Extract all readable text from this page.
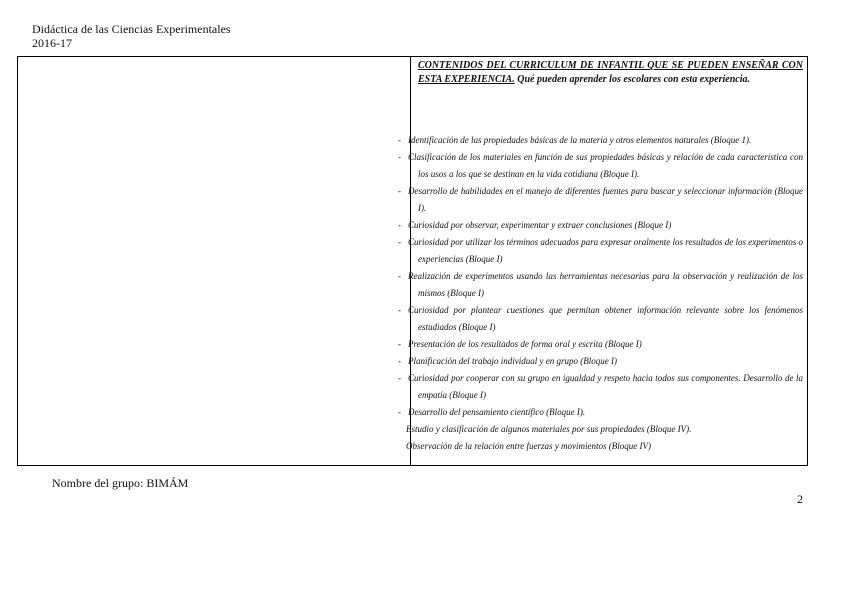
Didáctica de las Ciencias Experimentales
2016-17
CONTENIDOS DEL CURRICULUM DE INFANTIL QUE SE PUEDEN ENSEÑAR CON ESTA EXPERIENCIA. Qué pueden aprender los escolares con esta experiencia.
- Identificación de las propiedades básicas de la materia y otros elementos naturales (Bloque 1).
- Clasificación de los materiales en función de sus propiedades básicas y relación de cada característica con los usos a los que se destinan en la vida cotidiana (Bloque I).
- Desarrollo de habilidades en el manejo de diferentes fuentes para buscar y seleccionar información (Bloque I).
- Curiosidad por observar, experimentar y extraer conclusiones (Bloque I)
- Curiosidad por utilizar los términos adecuados para expresar oralmente los resultados de los experimentos o experiencias (Bloque I)
- Realización de experimentos usando las herramientas necesarias para la observación y realización de los mismos (Bloque I)
- Curiosidad por plantear cuestiones que permitan obtener información relevante sobre los fenómenos estudiados (Bloque I)
- Presentación de los resultados de forma oral y escrita (Bloque I)
- Planificación del trabajo individual y en grupo (Bloque I)
- Curiosidad por cooperar con su grupo en igualdad y respeto hacia todos sus componentes. Desarrollo de la empatía (Bloque I)
- Desarrollo del pensamiento científico (Bloque I).
Estudio y clasificación de algunos materiales por sus propiedades (Bloque IV).
Observación de la relación entre fuerzas y movimientos (Bloque IV)
Nombre del grupo: BIMÁM
2
